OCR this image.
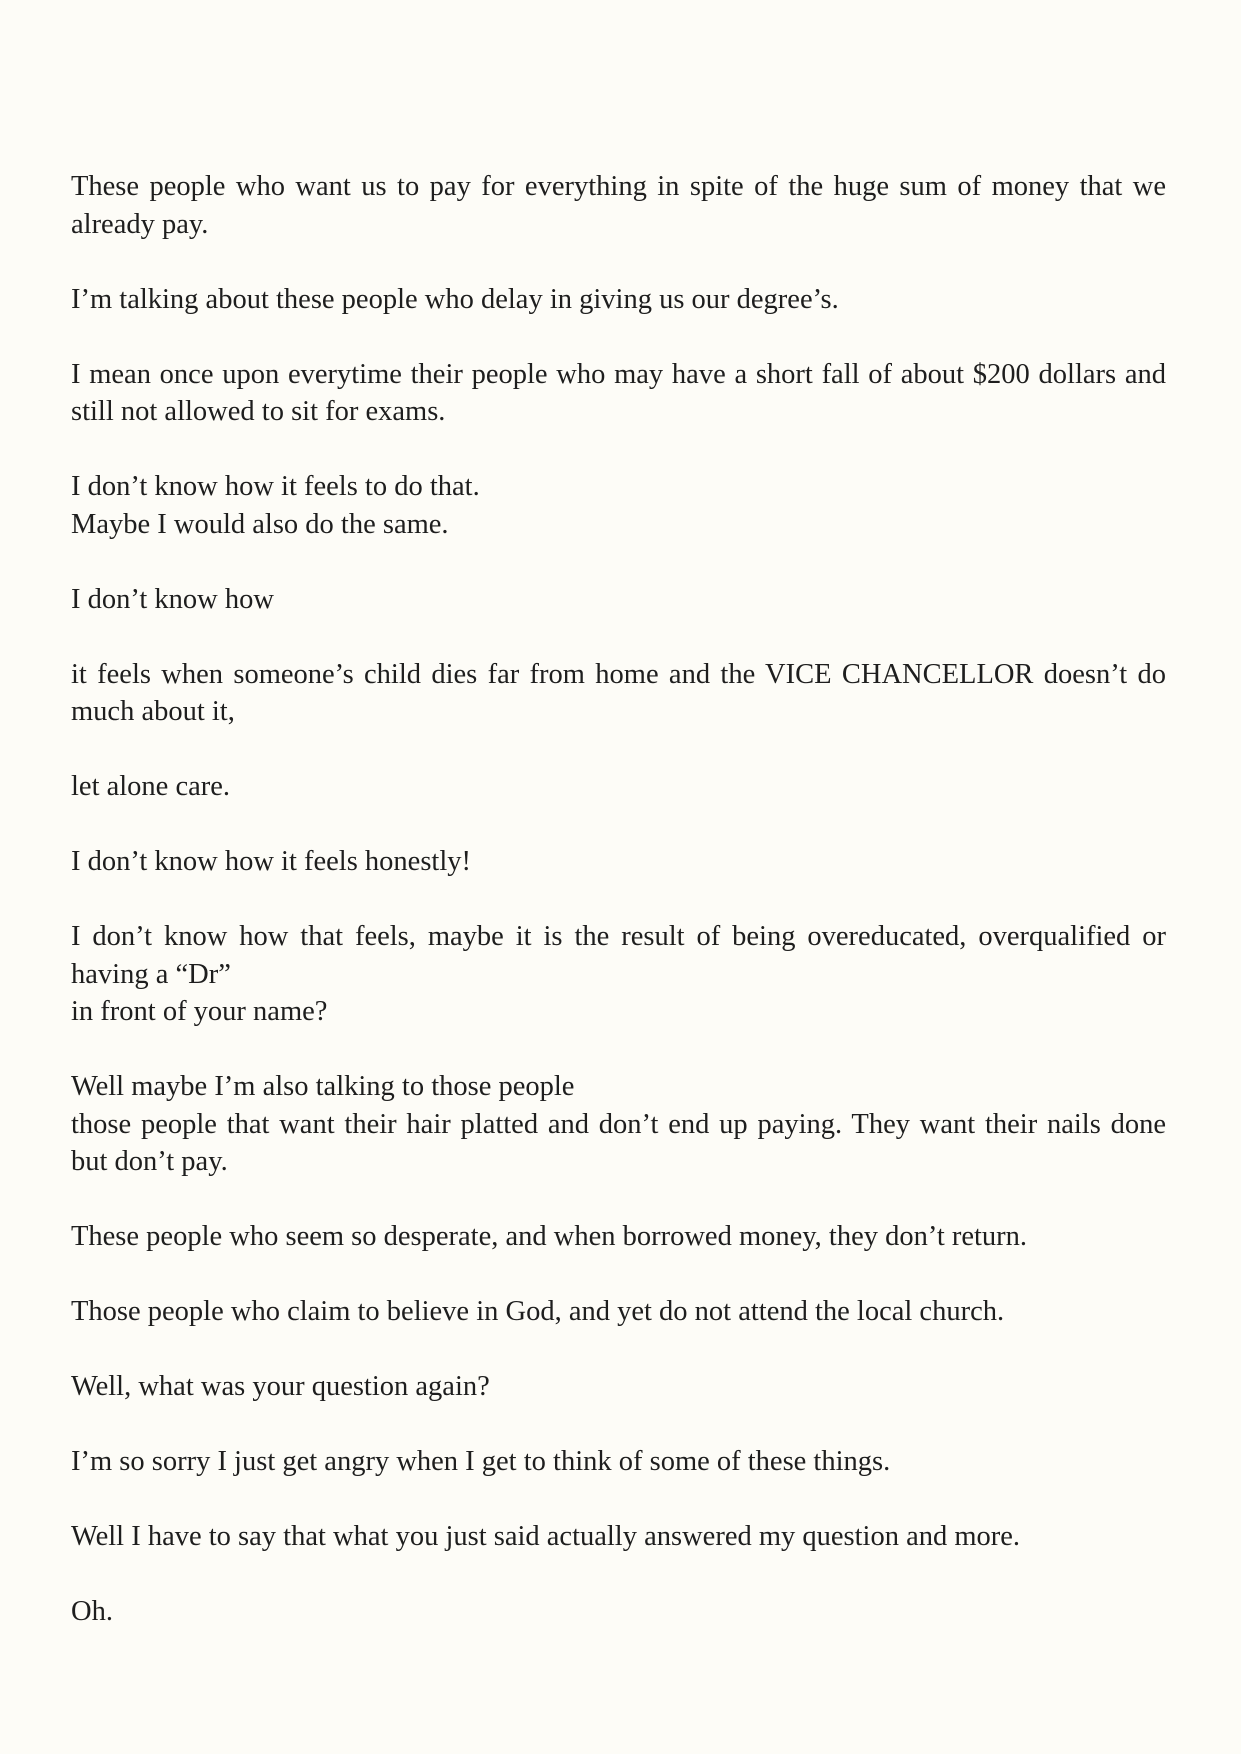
These people who want us to pay for everything in spite of the huge sum of money that we already pay.

I’m talking about these people who delay in giving us our degree’s.

I mean once upon everytime their people who may have a short fall of about $200 dollars and still not allowed to sit for exams.

I don’t know how it feels to do that.
Maybe I would also do the same.

I don’t know how

it feels when someone’s child dies far from home and the VICE CHANCELLOR doesn’t do much about it,

let alone care.

I don’t know how it feels honestly!

I don’t know how that feels, maybe it is the result of being overeducated, overqualified or having a “Dr”
in front of your name?

Well maybe I’m also talking to those people
those people that want their hair platted and don’t end up paying. They want their nails done but don’t pay.

These people who seem so desperate, and when borrowed money, they don’t return.

Those people who claim to believe in God, and yet do not attend the local church.

Well, what was your question again?

I’m so sorry I just get angry when I get to think of some of these things.

Well I have to say that what you just said actually answered my question and more.

Oh.
